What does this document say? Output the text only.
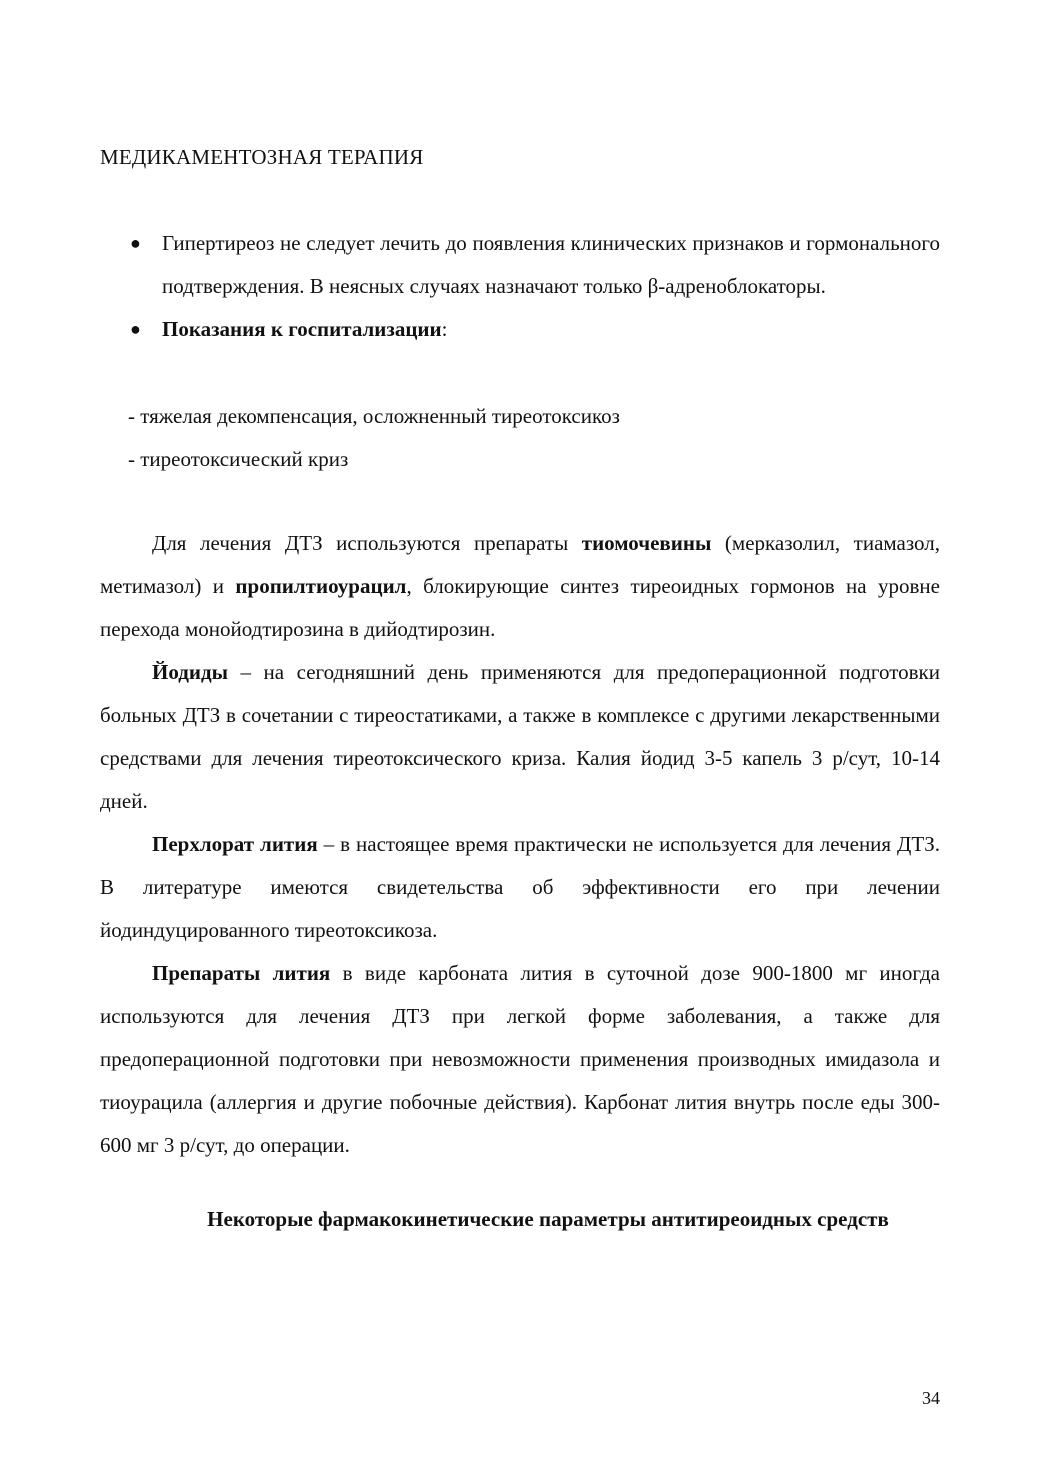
МЕДИКАМЕНТОЗНАЯ ТЕРАПИЯ
● Гипертиреоз не следует лечить до появления клинических признаков и гормонального подтверждения. В неясных случаях назначают только β-адреноблокаторы.
● Показания к госпитализации:
- тяжелая декомпенсация, осложненный тиреотоксикоз
- тиреотоксический криз

Для лечения ДТЗ используются препараты тиомочевины (мерказолил, тиамазол, метимазол) и пропилтиоурацил, блокирующие синтез тиреоидных гормонов на уровне перехода монойодтирозина в дийодтирозин.

Йодиды – на сегодняшний день применяются для предоперационной подготовки больных ДТЗ в сочетании с тиреостатиками, а также в комплексе с другими лекарственными средствами для лечения тиреотоксического криза. Калия йодид 3-5 капель 3 р/сут, 10-14 дней.

Перхлорат лития – в настоящее время практически не используется для лечения ДТЗ. В литературе имеются свидетельства об эффективности его при лечении йодиндуцированного тиреотоксикоза.

Препараты лития в виде карбоната лития в суточной дозе 900-1800 мг иногда используются для лечения ДТЗ при легкой форме заболевания, а также для предоперационной подготовки при невозможности применения производных имидазола и тиоурацила (аллергия и другие побочные действия). Карбонат лития внутрь после еды 300-600 мг 3 р/сут, до операции.

Некоторые фармакокинетические параметры антитиреоидных средств
34
